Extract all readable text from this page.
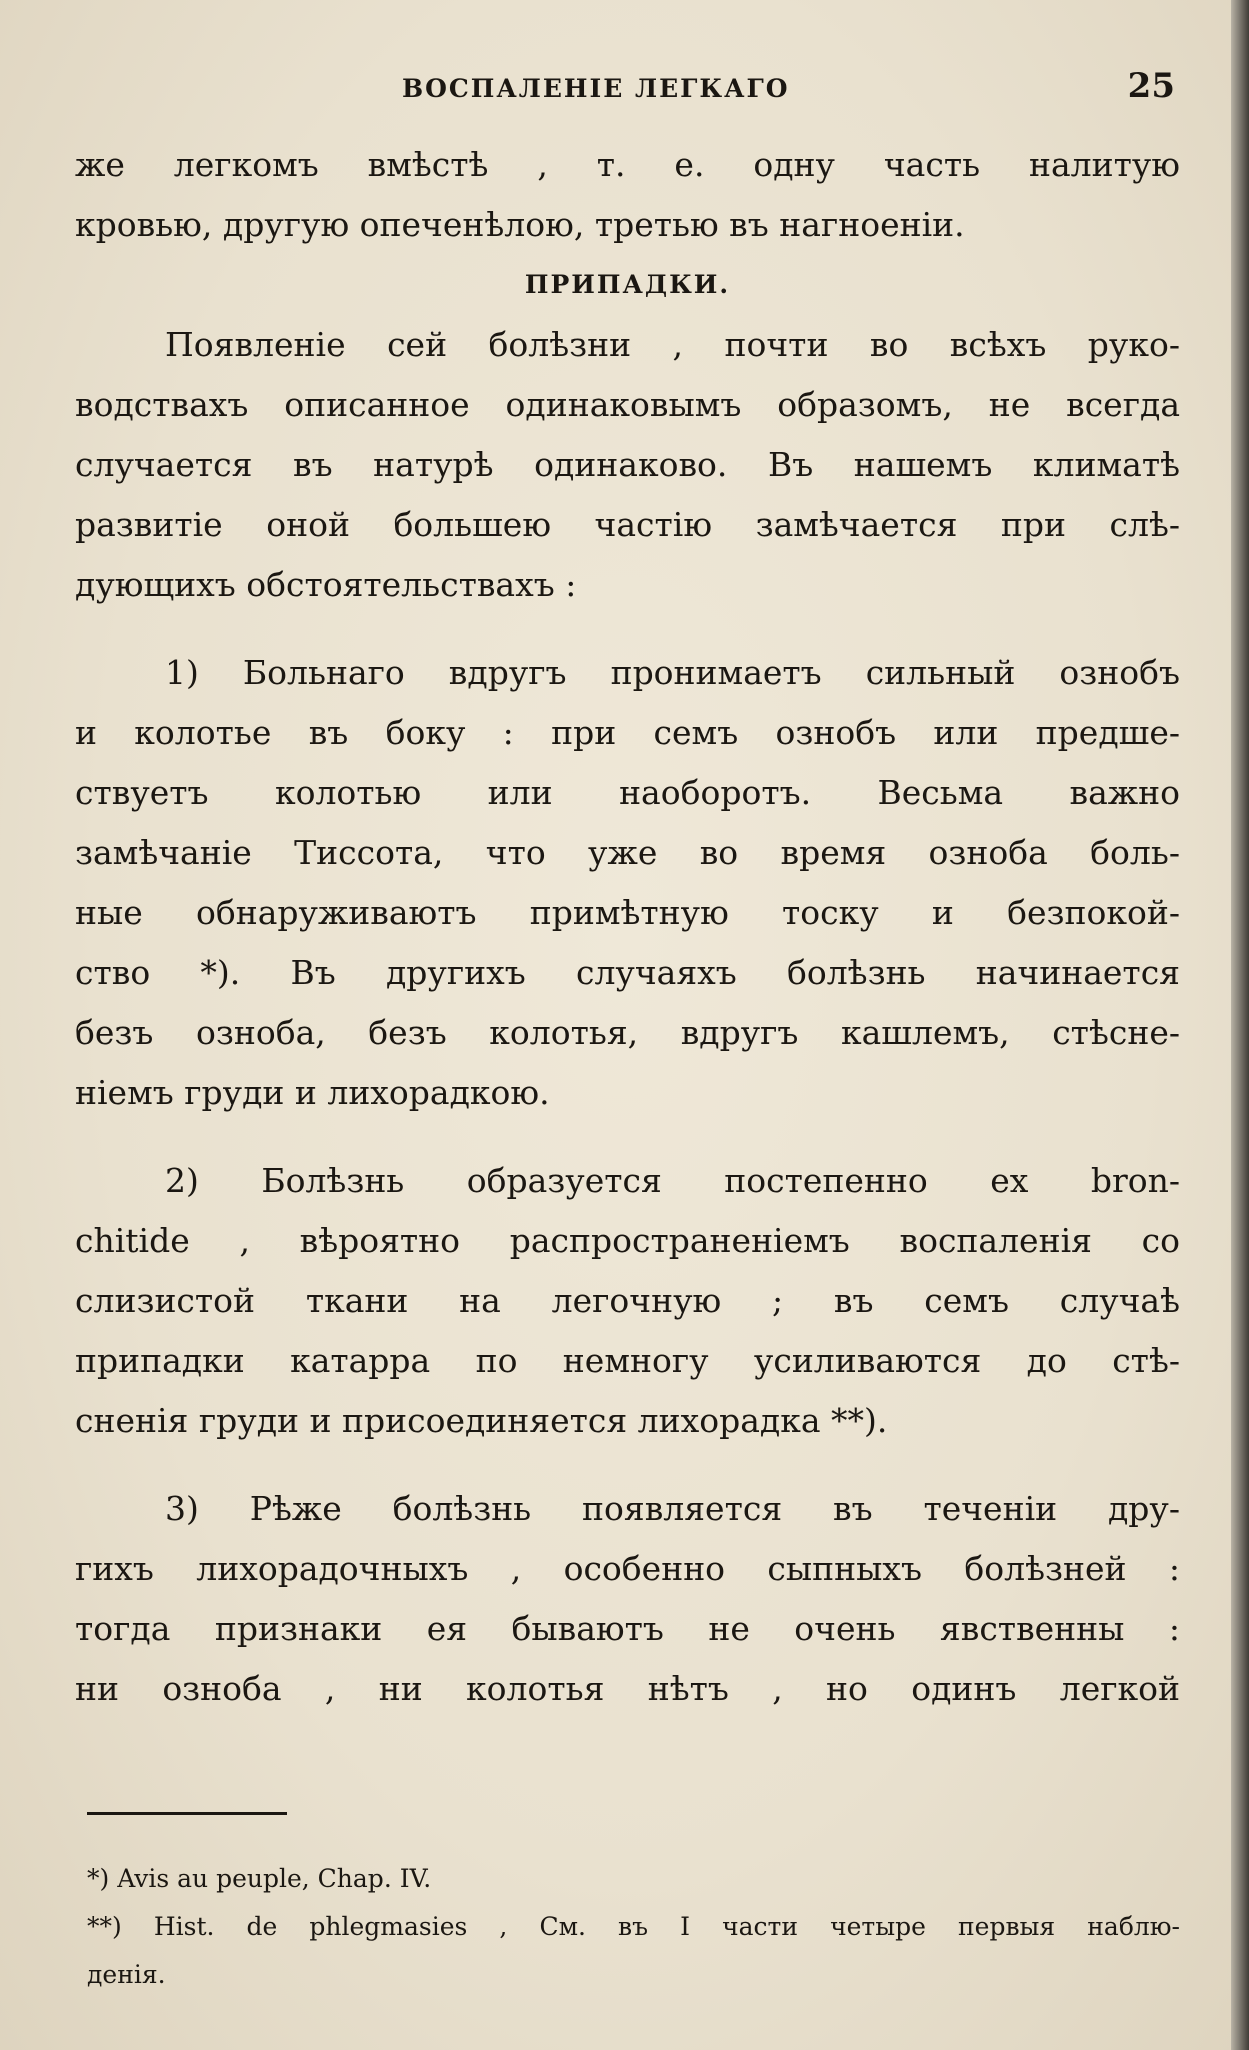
ВОСПАЛЕНІЕ ЛЕГКАГО	25
же легкомъ вмѣстѣ , т. е. одну часть налитую
кровью, другую опеченѣлою, третью въ нагноеніи.
ПРИПАДКИ.
Появленіе сей болѣзни , почти во всѣхъ руко-
водствахъ описанное одинаковымъ образомъ, не всегда
случается въ натурѣ одинаково. Въ нашемъ климатѣ
развитіе оной большею частію замѣчается при слѣ-
дующихъ обстоятельствахъ :
1) Больнаго вдругъ пронимаетъ сильный ознобъ
и колотье въ боку : при семъ ознобъ или предше-
ствуетъ колотью или наоборотъ. Весьма важно
замѣчаніе Тиссота, что уже во время озноба боль-
ные обнаруживаютъ примѣтную тоску и безпокой-
ство *). Въ другихъ случаяхъ болѣзнь начинается
безъ озноба, безъ колотья, вдругъ кашлемъ, стѣсне-
ніемъ груди и лихорадкою.
2) Болѣзнь образуется постепенно ex bron-
chitide , вѣроятно распространеніемъ воспаленія со
слизистой ткани на легочную ; въ семъ случаѣ
припадки катарра по немногу усиливаются до стѣ-
сненія груди и присоединяется лихорадка **).
3) Рѣже болѣзнь появляется въ теченіи дру-
гихъ лихорадочныхъ , особенно сыпныхъ болѣзней :
тогда признаки ея бываютъ не очень явственны :
ни озноба , ни колотья нѣтъ , но одинъ легкой
*) Avis au peuple, Chap. IV.
**) Hist. de phlegmasies , См. въ I части четыре первыя наблю-
денія.
